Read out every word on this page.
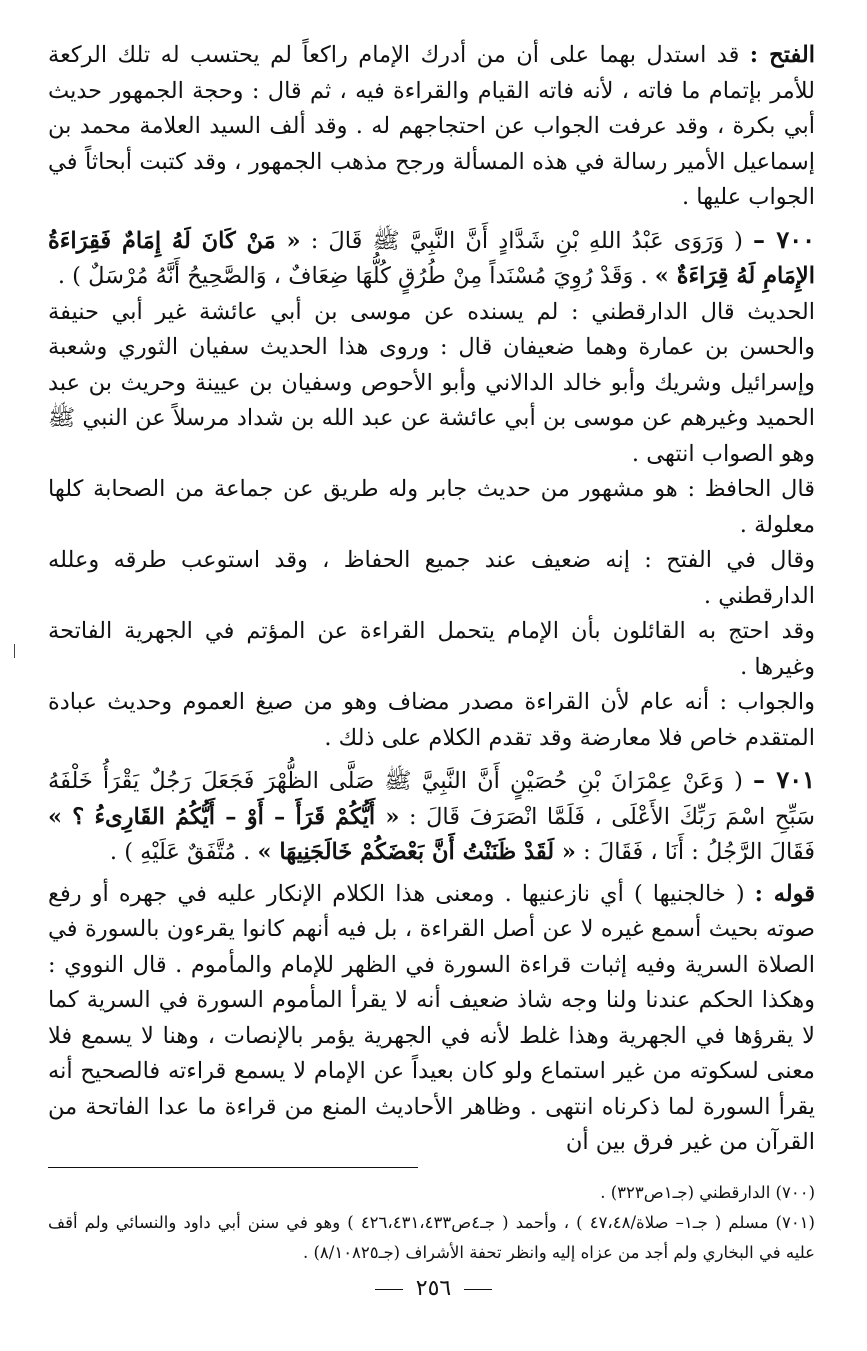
الفتح : قد استدل بهما على أن من أدرك الإمام راكعاً لم يحتسب له تلك الركعة للأمر بإتمام ما فاته ، لأنه فاته القيام والقراءة فيه ، ثم قال : وحجة الجمهور حديث أبي بكرة ، وقد عرفت الجواب عن احتجاجهم له . وقد ألف السيد العلامة محمد بن إسماعيل الأمير رسالة في هذه المسألة ورجح مذهب الجمهور ، وقد كتبت أبحاثاً في الجواب عليها .

٧٠٠ – ( وَرَوَى عَبْدُ اللهِ بْنِ شَدَّادٍ أَنَّ النَّبِيَّ ﷺ قَالَ : « مَنْ كَانَ لَهُ إِمَامٌ فَقِرَاءَةُ الإِمَامِ لَهُ قِرَاءَةٌ » . وَقَدْ رُوِيَ مُسْنَداً مِنْ طُرُقٍ كُلُّهَا ضِعَافٌ ، وَالصَّحِيحُ أَنَّهُ مُرْسَلٌ ) .

الحديث قال الدارقطني : لم يسنده عن موسى بن أبي عائشة غير أبي حنيفة والحسن بن عمارة وهما ضعيفان قال : وروى هذا الحديث سفيان الثوري وشعبة وإسرائيل وشريك وأبو خالد الدالاني وأبو الأحوص وسفيان بن عيينة وحريث بن عبد الحميد وغيرهم عن موسى بن أبي عائشة عن عبد الله بن شداد مرسلاً عن النبي ﷺ وهو الصواب انتهى .

قال الحافظ : هو مشهور من حديث جابر وله طريق عن جماعة من الصحابة كلها معلولة .

وقال في الفتح : إنه ضعيف عند جميع الحفاظ ، وقد استوعب طرقه وعلله الدارقطني .

وقد احتج به القائلون بأن الإمام يتحمل القراءة عن المؤتم في الجهرية الفاتحة وغيرها .

والجواب : أنه عام لأن القراءة مصدر مضاف وهو من صيغ العموم وحديث عبادة المتقدم خاص فلا معارضة وقد تقدم الكلام على ذلك .

٧٠١ – ( وَعَنْ عِمْرَانَ بْنِ حُصَيْنٍ أَنَّ النَّبِيَّ ﷺ صَلَّى الظُّهْرَ فَجَعَلَ رَجُلٌ يَقْرَأُ خَلْفَهُ سَبِّحِ اسْمَ رَبِّكَ الأَعْلَى ، فَلَمَّا انْصَرَفَ قَالَ : « أَيُّكُمْ قَرَأَ – أَوْ – أَيُّكُمُ القَارِىءُ ؟ » فَقَالَ الرَّجُلُ : أَنَا ، فَقَالَ : « لَقَدْ ظَنَنْتُ أَنَّ بَعْضَكُمْ خَالَجَنِيهَا » . مُتَّفَقٌ عَلَيْهِ ) .

قوله : ( خالجنيها ) أي نازعنيها . ومعنى هذا الكلام الإنكار عليه في جهره أو رفع صوته بحيث أسمع غيره لا عن أصل القراءة ، بل فيه أنهم كانوا يقرءون بالسورة في الصلاة السرية وفيه إثبات قراءة السورة في الظهر للإمام والمأموم . قال النووي : وهكذا الحكم عندنا ولنا وجه شاذ ضعيف أنه لا يقرأ المأموم السورة في السرية كما لا يقرؤها في الجهرية وهذا غلط لأنه في الجهرية يؤمر بالإنصات ، وهنا لا يسمع فلا معنى لسكوته من غير استماع ولو كان بعيداً عن الإمام لا يسمع قراءته فالصحيح أنه يقرأ السورة لما ذكرناه انتهى . وظاهر الأحاديث المنع من قراءة ما عدا الفاتحة من القرآن من غير فرق بين أن

(٧٠٠) الدارقطني (جـ١ص٣٢٣) .

(٧٠١) مسلم ( جـ١– صلاة/٤٧،٤٨ ) ، وأحمد ( جـ٤ص٤٢٦،٤٣١،٤٣٣ ) وهو في سنن أبي داود والنسائي ولم أقف عليه في البخاري ولم أجد من عزاه إليه وانظر تحفة الأشراف (جـ٨/١٠٨٢٥) .

٢٥٦
